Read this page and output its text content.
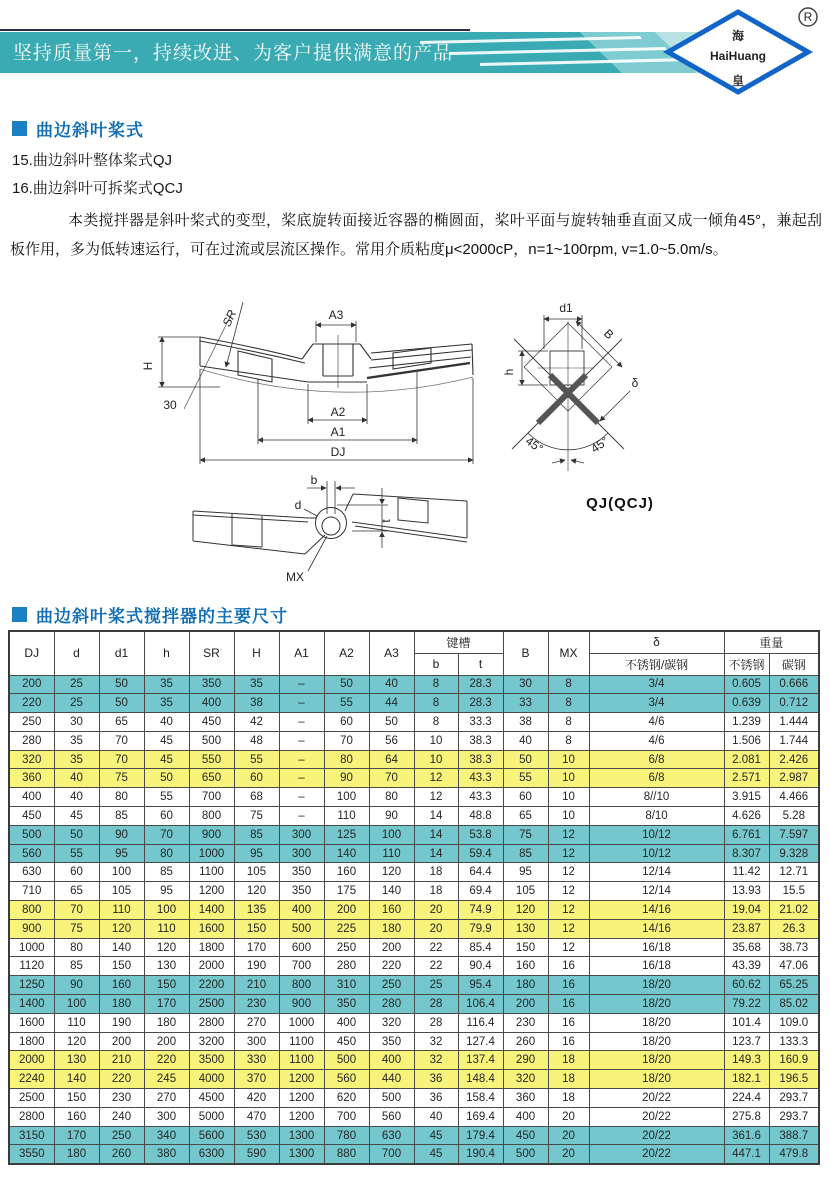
坚持质量第一，持续改进、为客户提供满意的产品
海
HaiHuang
皇
R
曲边斜叶桨式
15.曲边斜叶整体桨式QJ
16.曲边斜叶可拆桨式QCJ
本类搅拌器是斜叶桨式的变型，桨底旋转面接近容器的椭圆面，桨叶平面与旋转轴垂直面又成一倾角45°，兼起刮板作用，多为低转速运行，可在过流或层流区操作。常用介质粘度μ<2000cP，n=1~100rpm, v=1.0~5.0m/s。
A3
H
SR
30	A2
A1
DJ
d1
h
B
δ
45°	45°
QJ(QCJ)
b
d
t
MX
曲边斜叶桨式搅拌器的主要尺寸
DJ	d	d1	h	SR	H	A1	A2	A3	键槽		B	MX	δ	重量	
									b	t			不锈钢/碳钢	不锈钢	碳钢
200	25	50	35	350	35	–	50	40	8	28.3	30	8	3/4	0.605	0.666
220	25	50	35	400	38	–	55	44	8	28.3	33	8	3/4	0.639	0.712
250	30	65	40	450	42	–	60	50	8	33.3	38	8	4/6	1.239	1.444
280	35	70	45	500	48	–	70	56	10	38.3	40	8	4/6	1.506	1.744
320	35	70	45	550	55	–	80	64	10	38.3	50	10	6/8	2.081	2.426
360	40	75	50	650	60	–	90	70	12	43.3	55	10	6/8	2.571	2.987
400	40	80	55	700	68	–	100	80	12	43.3	60	10	8//10	3.915	4.466
450	45	85	60	800	75	–	110	90	14	48.8	65	10	8/10	4.626	5.28
500	50	90	70	900	85	300	125	100	14	53.8	75	12	10/12	6.761	7.597
560	55	95	80	1000	95	300	140	110	14	59.4	85	12	10/12	8.307	9.328
630	60	100	85	1100	105	350	160	120	18	64.4	95	12	12/14	11.42	12.71
710	65	105	95	1200	120	350	175	140	18	69.4	105	12	12/14	13.93	15.5
800	70	110	100	1400	135	400	200	160	20	74.9	120	12	14/16	19.04	21.02
900	75	120	110	1600	150	500	225	180	20	79.9	130	12	14/16	23.87	26.3
1000	80	140	120	1800	170	600	250	200	22	85.4	150	12	16/18	35.68	38.73
1120	85	150	130	2000	190	700	280	220	22	90.4	160	16	16/18	43.39	47.06
1250	90	160	150	2200	210	800	310	250	25	95.4	180	16	18/20	60.62	65.25
1400	100	180	170	2500	230	900	350	280	28	106.4	200	16	18/20	79.22	85.02
1600	110	190	180	2800	270	1000	400	320	28	116.4	230	16	18/20	101.4	109.0
1800	120	200	200	3200	300	1100	450	350	32	127.4	260	16	18/20	123.7	133.3
2000	130	210	220	3500	330	1100	500	400	32	137.4	290	18	18/20	149.3	160.9
2240	140	220	245	4000	370	1200	560	440	36	148.4	320	18	18/20	182.1	196.5
2500	150	230	270	4500	420	1200	620	500	36	158.4	360	18	20/22	224.4	293.7
2800	160	240	300	5000	470	1200	700	560	40	169.4	400	20	20/22	275.8	293.7
3150	170	250	340	5600	530	1300	780	630	45	179.4	450	20	20/22	361.6	388.7
3550	180	260	380	6300	590	1300	880	700	45	190.4	500	20	20/22	447.1	479.8
